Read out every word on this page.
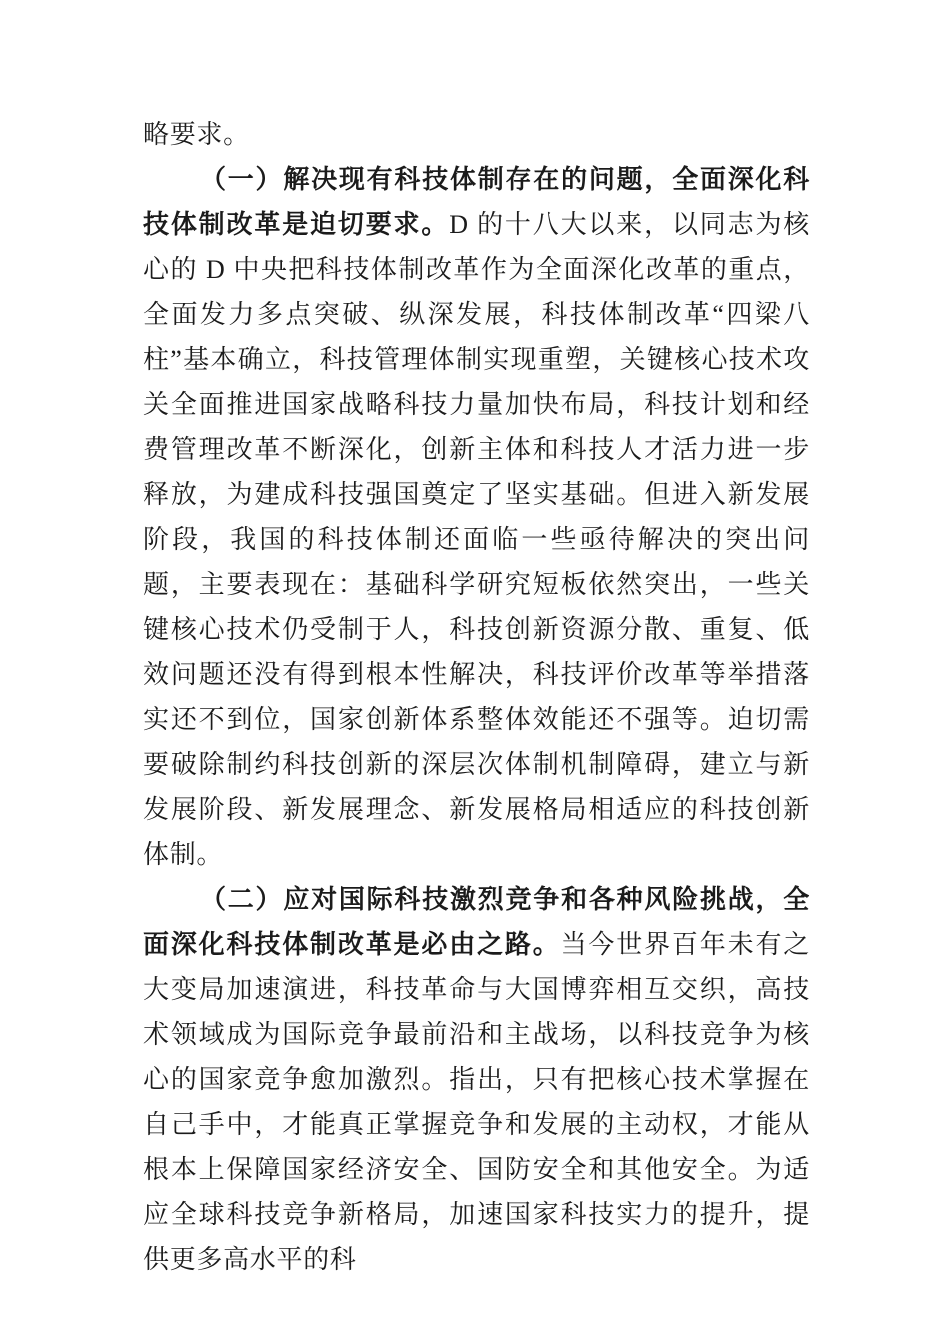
略要求。

（一）解决现有科技体制存在的问题，全面深化科技体制改革是迫切要求。D 的十八大以来，以同志为核心的 D 中央把科技体制改革作为全面深化改革的重点，全面发力多点突破、纵深发展，科技体制改革“四梁八柱”基本确立，科技管理体制实现重塑，关键核心技术攻关全面推进国家战略科技力量加快布局，科技计划和经费管理改革不断深化，创新主体和科技人才活力进一步释放，为建成科技强国奠定了坚实基础。但进入新发展阶段，我国的科技体制还面临一些亟待解决的突出问题，主要表现在：基础科学研究短板依然突出，一些关键核心技术仍受制于人，科技创新资源分散、重复、低效问题还没有得到根本性解决，科技评价改革等举措落实还不到位，国家创新体系整体效能还不强等。迫切需要破除制约科技创新的深层次体制机制障碍，建立与新发展阶段、新发展理念、新发展格局相适应的科技创新体制。

（二）应对国际科技激烈竞争和各种风险挑战，全面深化科技体制改革是必由之路。当今世界百年未有之大变局加速演进，科技革命与大国博弈相互交织，高技术领域成为国际竞争最前沿和主战场，以科技竞争为核心的国家竞争愈加激烈。指出，只有把核心技术掌握在自己手中，才能真正掌握竞争和发展的主动权，才能从根本上保障国家经济安全、国防安全和其他安全。为适应全球科技竞争新格局，加速国家科技实力的提升，提供更多高水平的科
